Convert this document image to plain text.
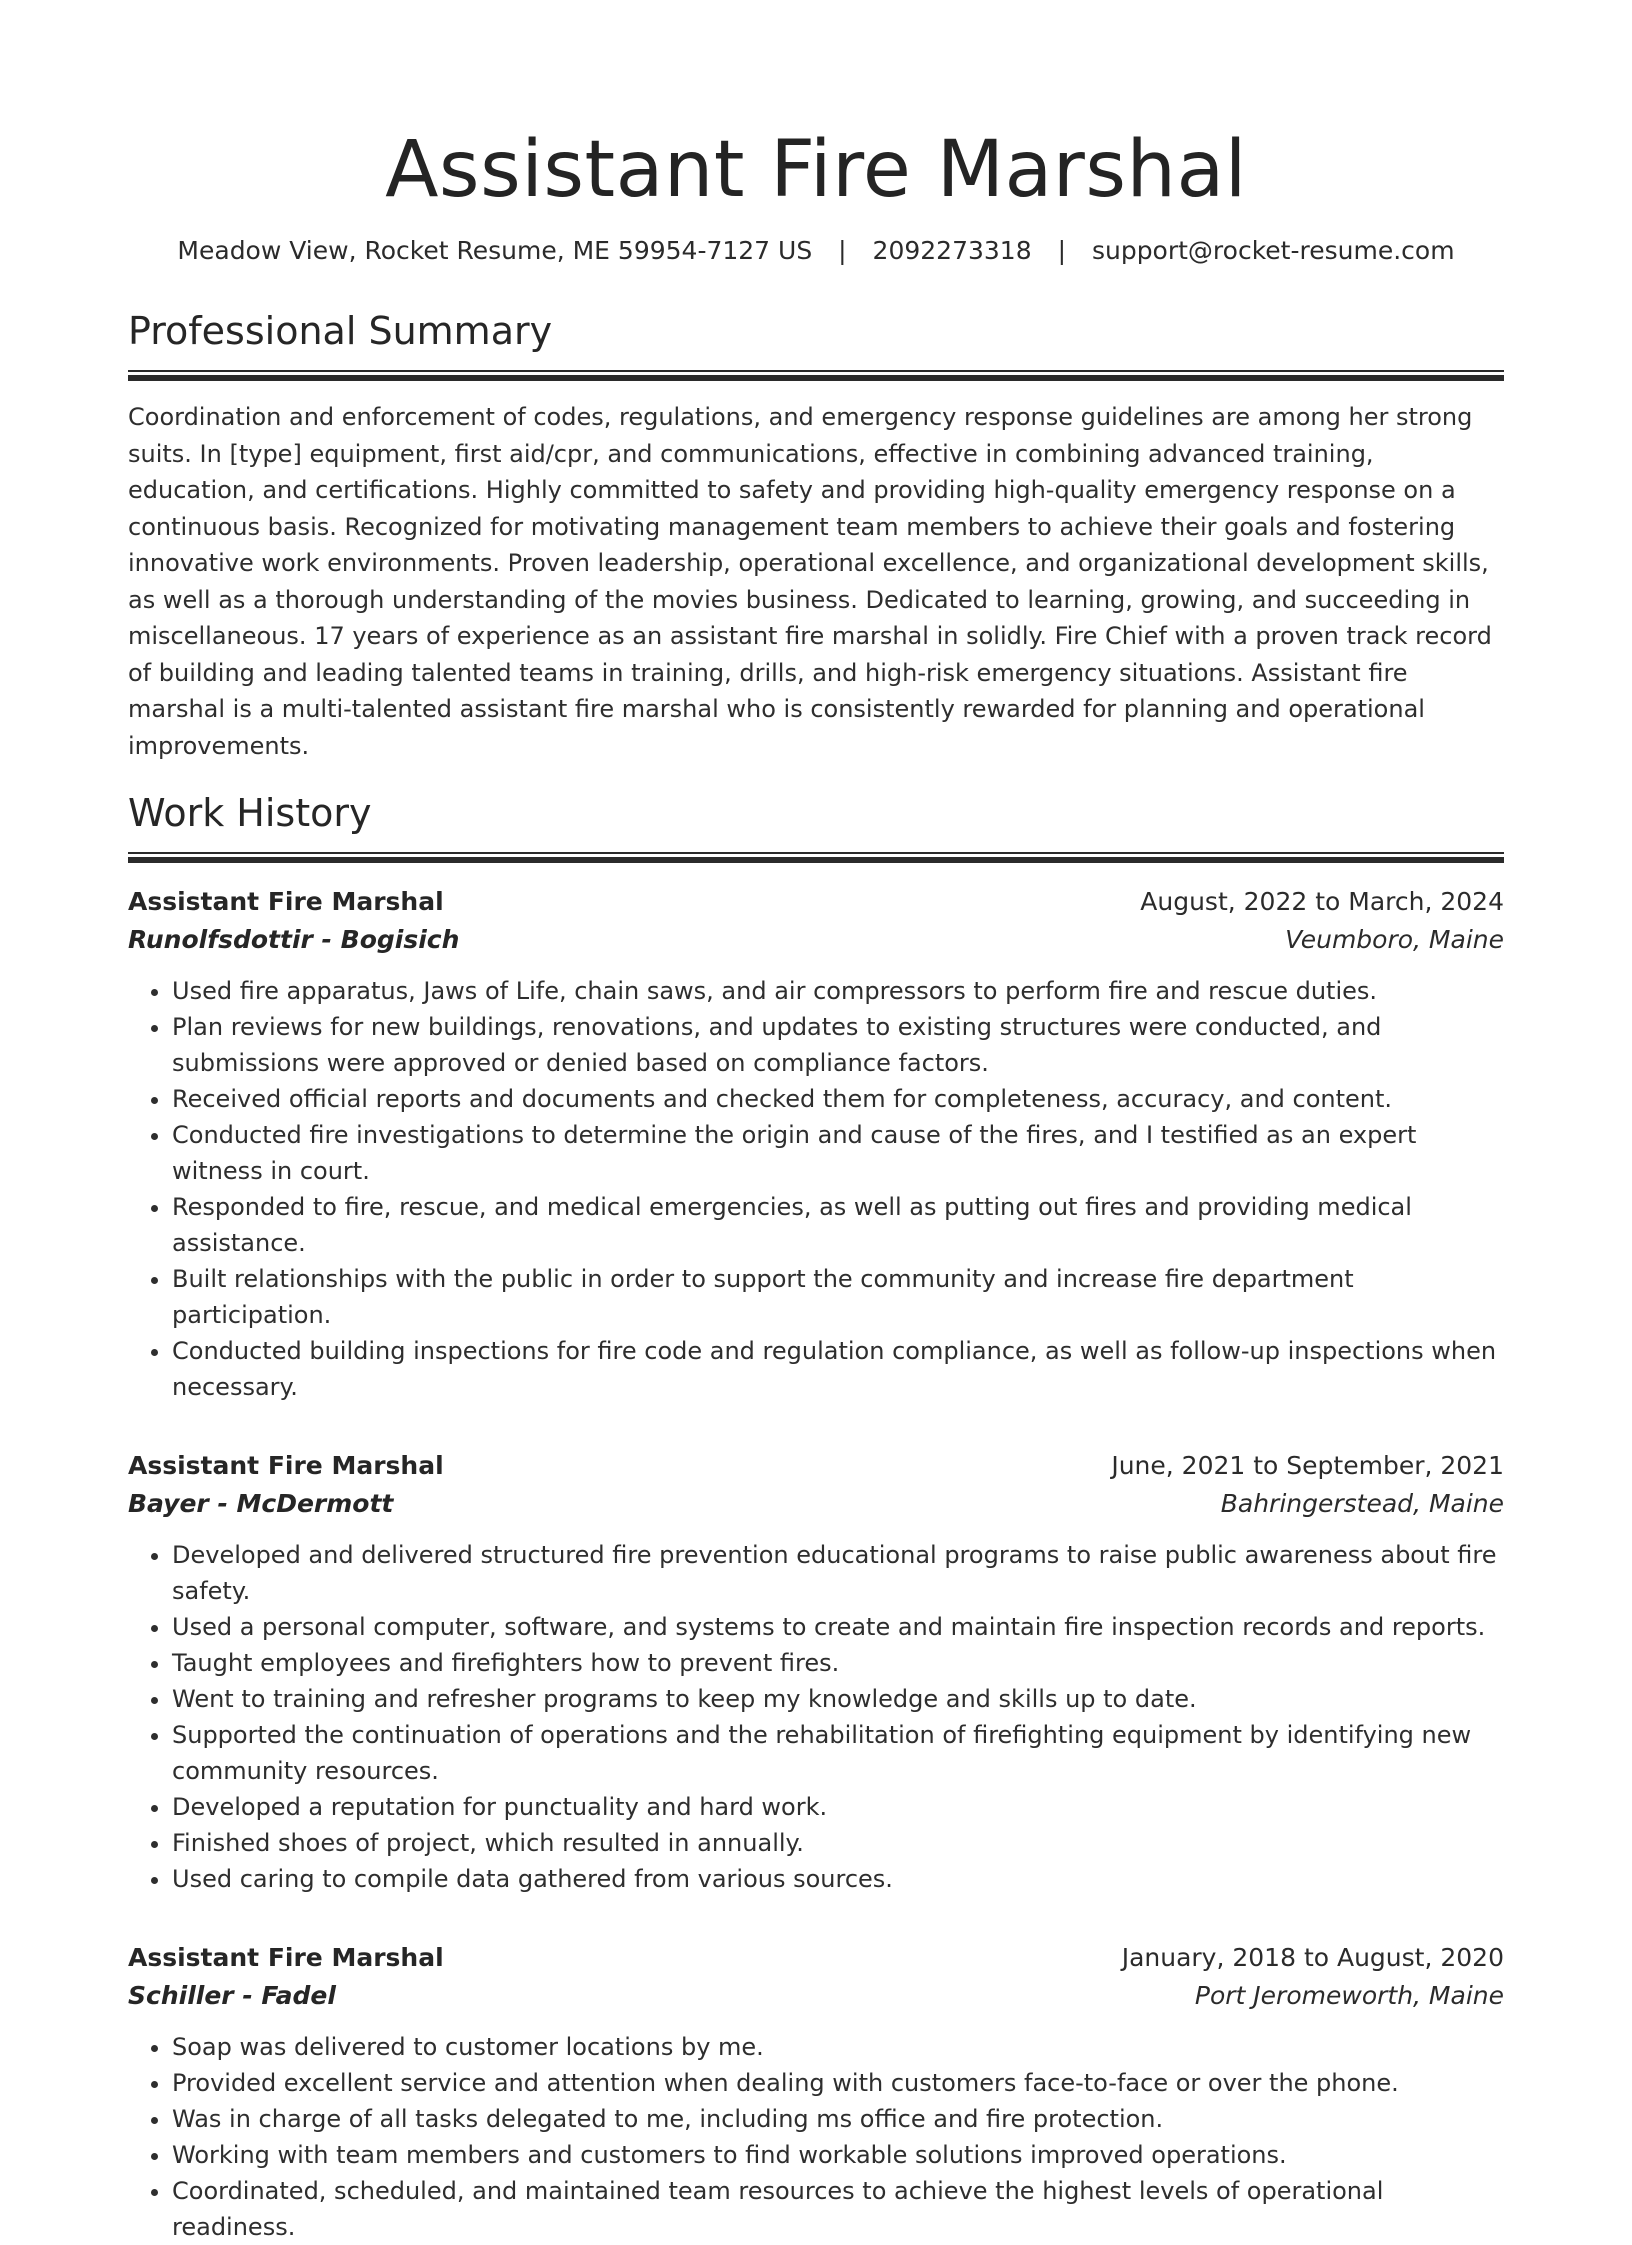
Assistant Fire Marshal
Meadow View, Rocket Resume, ME 59954-7127 US | 2092273318 | support@rocket-resume.com
Professional Summary

Coordination and enforcement of codes, regulations, and emergency response guidelines are among her strong suits. In [type] equipment, first aid/cpr, and communications, effective in combining advanced training, education, and certifications. Highly committed to safety and providing high-quality emergency response on a continuous basis. Recognized for motivating management team members to achieve their goals and fostering innovative work environments. Proven leadership, operational excellence, and organizational development skills, as well as a thorough understanding of the movies business. Dedicated to learning, growing, and succeeding in miscellaneous. 17 years of experience as an assistant fire marshal in solidly. Fire Chief with a proven track record of building and leading talented teams in training, drills, and high-risk emergency situations. Assistant fire marshal is a multi-talented assistant fire marshal who is consistently rewarded for planning and operational improvements.

Work History
Assistant Fire Marshal	August, 2022 to March, 2024
Runolfsdottir - Bogisich	Veumboro, Maine
• Used fire apparatus, Jaws of Life, chain saws, and air compressors to perform fire and rescue duties.
• Plan reviews for new buildings, renovations, and updates to existing structures were conducted, and submissions were approved or denied based on compliance factors.
• Received official reports and documents and checked them for completeness, accuracy, and content.
• Conducted fire investigations to determine the origin and cause of the fires, and I testified as an expert witness in court.
• Responded to fire, rescue, and medical emergencies, as well as putting out fires and providing medical assistance.
• Built relationships with the public in order to support the community and increase fire department participation.
• Conducted building inspections for fire code and regulation compliance, as well as follow-up inspections when necessary.
Assistant Fire Marshal	June, 2021 to September, 2021
Bayer - McDermott	Bahringerstead, Maine
• Developed and delivered structured fire prevention educational programs to raise public awareness about fire safety.
• Used a personal computer, software, and systems to create and maintain fire inspection records and reports.
• Taught employees and firefighters how to prevent fires.
• Went to training and refresher programs to keep my knowledge and skills up to date.
• Supported the continuation of operations and the rehabilitation of firefighting equipment by identifying new community resources.
• Developed a reputation for punctuality and hard work.
• Finished shoes of project, which resulted in annually.
• Used caring to compile data gathered from various sources.
Assistant Fire Marshal	January, 2018 to August, 2020
Schiller - Fadel	Port Jeromeworth, Maine
• Soap was delivered to customer locations by me.
• Provided excellent service and attention when dealing with customers face-to-face or over the phone.
• Was in charge of all tasks delegated to me, including ms office and fire protection.
• Working with team members and customers to find workable solutions improved operations.
• Coordinated, scheduled, and maintained team resources to achieve the highest levels of operational readiness.
